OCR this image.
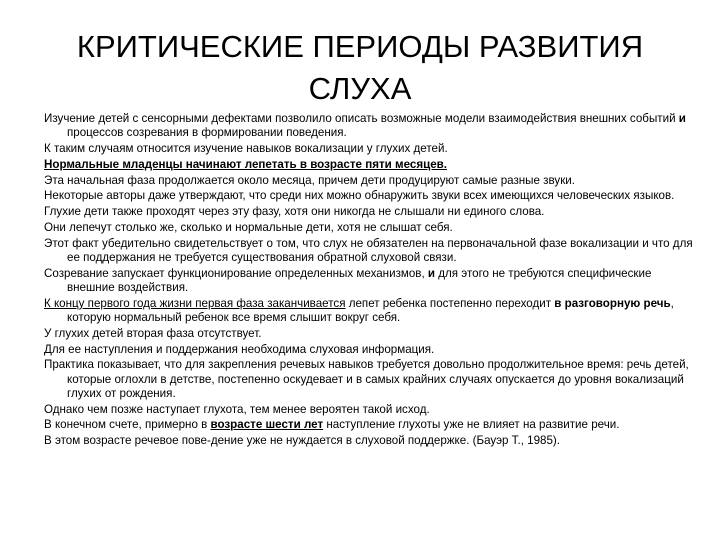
КРИТИЧЕСКИЕ ПЕРИОДЫ РАЗВИТИЯ СЛУХА

Изучение детей с сенсорными дефектами позволило описать возможные модели взаимодействия внешних событий и процессов созревания в формировании поведения.

К таким случаям относится изучение навыков вокализации у глухих детей.

Нормальные младенцы начинают лепетать в возрасте пяти месяцев.

Эта начальная фаза продолжается около месяца, причем дети продуцируют самые разные звуки.

Некоторые авторы даже утверждают, что среди них можно обнаружить звуки всех имеющихся человеческих языков.

Глухие дети также проходят через эту фазу, хотя они никогда не слышали ни единого слова.

Они лепечут столько же, сколько и нормальные дети, хотя не слышат себя.

Этот факт убедительно свидетельствует о том, что слух не обязателен на первоначальной фазе вокализации и что для ее поддержания не требуется существования обратной слуховой связи.

Созревание запускает функционирование определенных механизмов, и для этого не требуются специфические внешние воздействия.

К концу первого года жизни первая фаза заканчивается лепет ребенка постепенно переходит в разговорную речь, которую нормальный ребенок все время слышит вокруг себя.

У глухих детей вторая фаза отсутствует.

Для ее наступления и поддержания необходима слуховая информация.

Практика показывает, что для закрепления речевых навыков требуется довольно продолжительное время: речь детей, которые оглохли в детстве, постепенно оскудевает и в самых крайних случаях опускается до уровня вокализаций глухих от рождения.

Однако чем позже наступает глухота, тем менее вероятен такой исход.

В конечном счете, примерно в возрасте шести лет наступление глухоты уже не влияет на развитие речи.

В этом возрасте речевое пове-дение уже не нуждается в слуховой поддержке. (Бауэр Т., 1985).
